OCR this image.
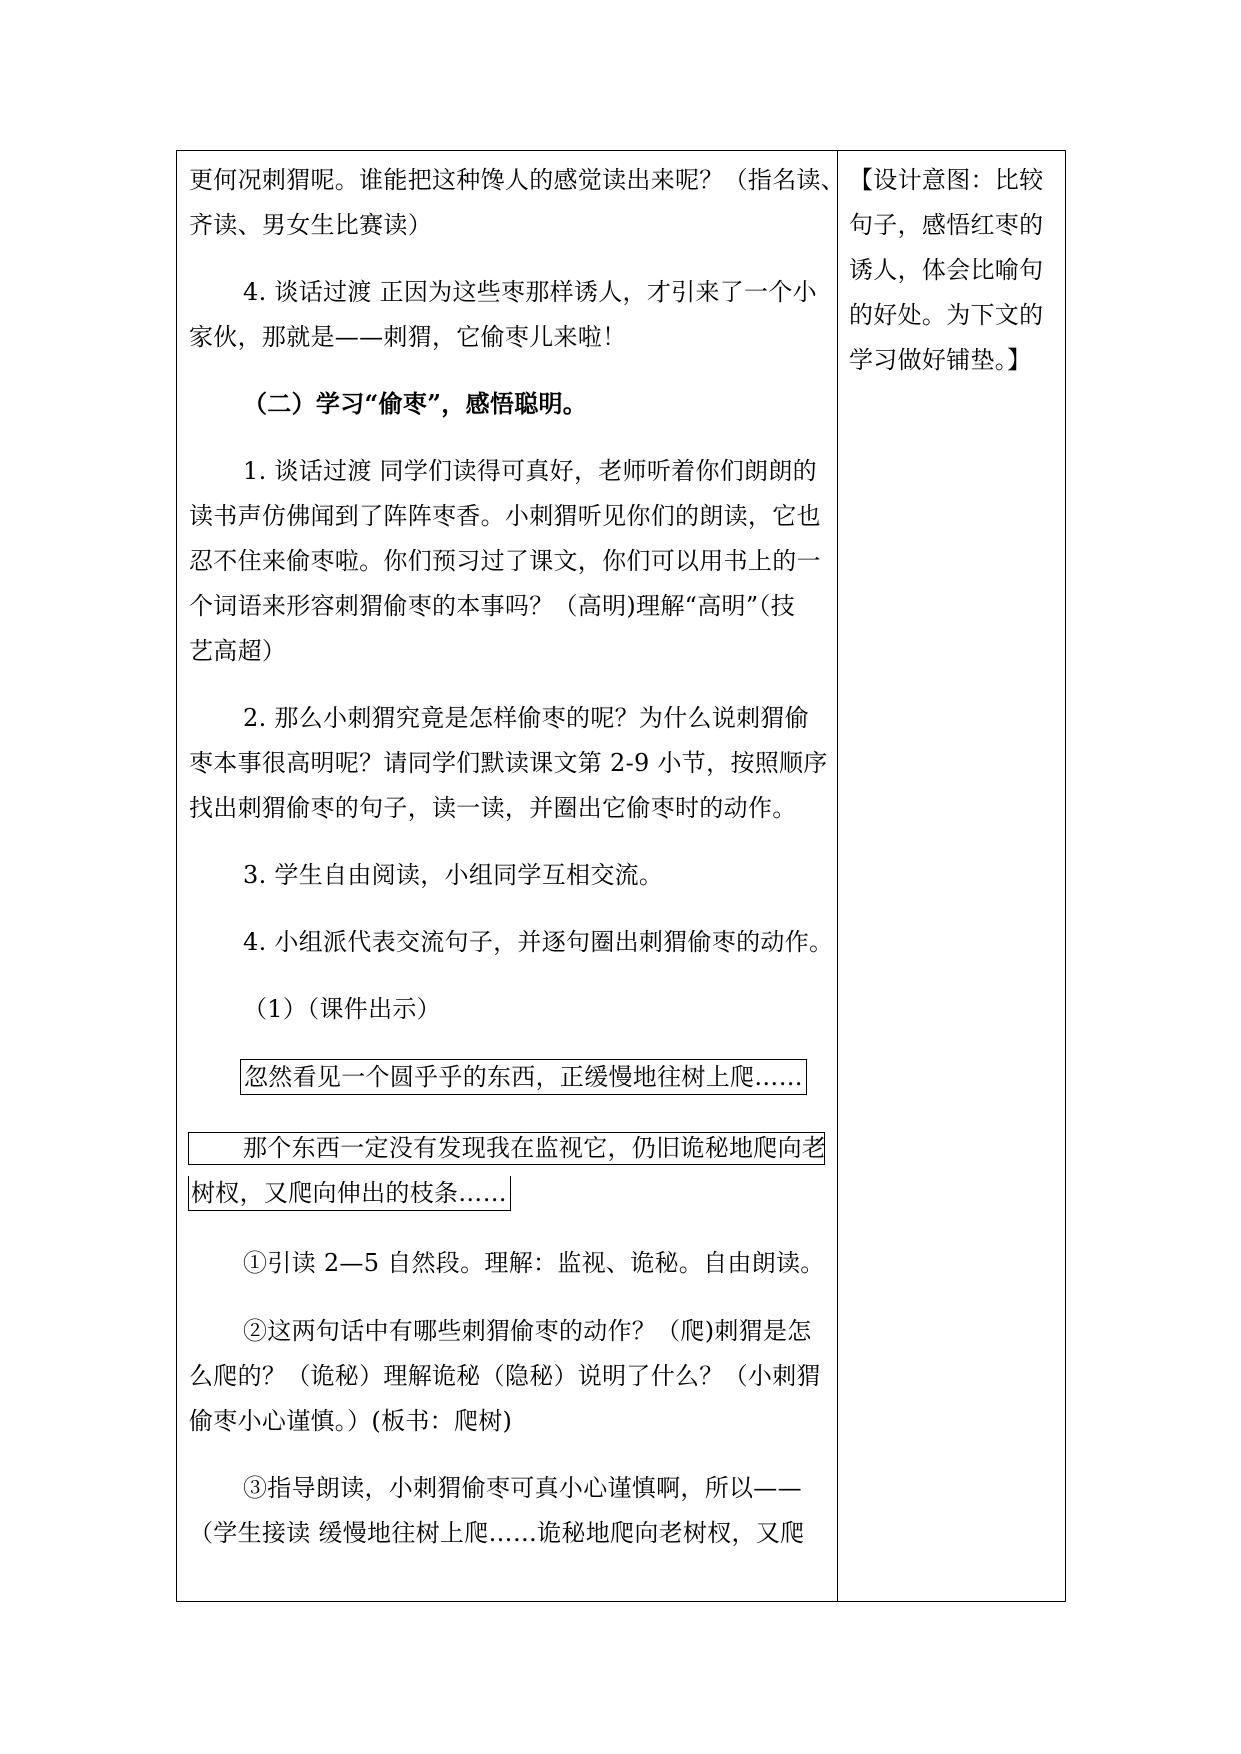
更何况刺猬呢。谁能把这种馋人的感觉读出来呢？（指名读、
齐读、男女生比赛读）
4. 谈话过渡 正因为这些枣那样诱人，才引来了一个小
家伙，那就是——刺猬，它偷枣儿来啦！
（二）学习“偷枣”，感悟聪明。
1. 谈话过渡 同学们读得可真好，老师听着你们朗朗的
读书声仿佛闻到了阵阵枣香。小刺猬听见你们的朗读，它也
忍不住来偷枣啦。你们预习过了课文，你们可以用书上的一
个词语来形容刺猬偷枣的本事吗？（高明)理解“高明”（技
艺高超）
2. 那么小刺猬究竟是怎样偷枣的呢？为什么说刺猬偷
枣本事很高明呢？请同学们默读课文第 2-9 小节，按照顺序
找出刺猬偷枣的句子，读一读，并圈出它偷枣时的动作。
3. 学生自由阅读，小组同学互相交流。
4. 小组派代表交流句子，并逐句圈出刺猬偷枣的动作。
（1）（课件出示）
忽然看见一个圆乎乎的东西，正缓慢地往树上爬……
那个东西一定没有发现我在监视它，仍旧诡秘地爬向老
树杈，又爬向伸出的枝条……
①引读 2—5 自然段。理解：监视、诡秘。自由朗读。
②这两句话中有哪些刺猬偷枣的动作？（爬)刺猬是怎
么爬的？（诡秘）理解诡秘（隐秘）说明了什么？（小刺猬
偷枣小心谨慎。）(板书：爬树)
③指导朗读，小刺猬偷枣可真小心谨慎啊，所以——
（学生接读 缓慢地往树上爬……诡秘地爬向老树杈，又爬
【设计意图：比较
句子，感悟红枣的
诱人，体会比喻句
的好处。为下文的
学习做好铺垫。】
